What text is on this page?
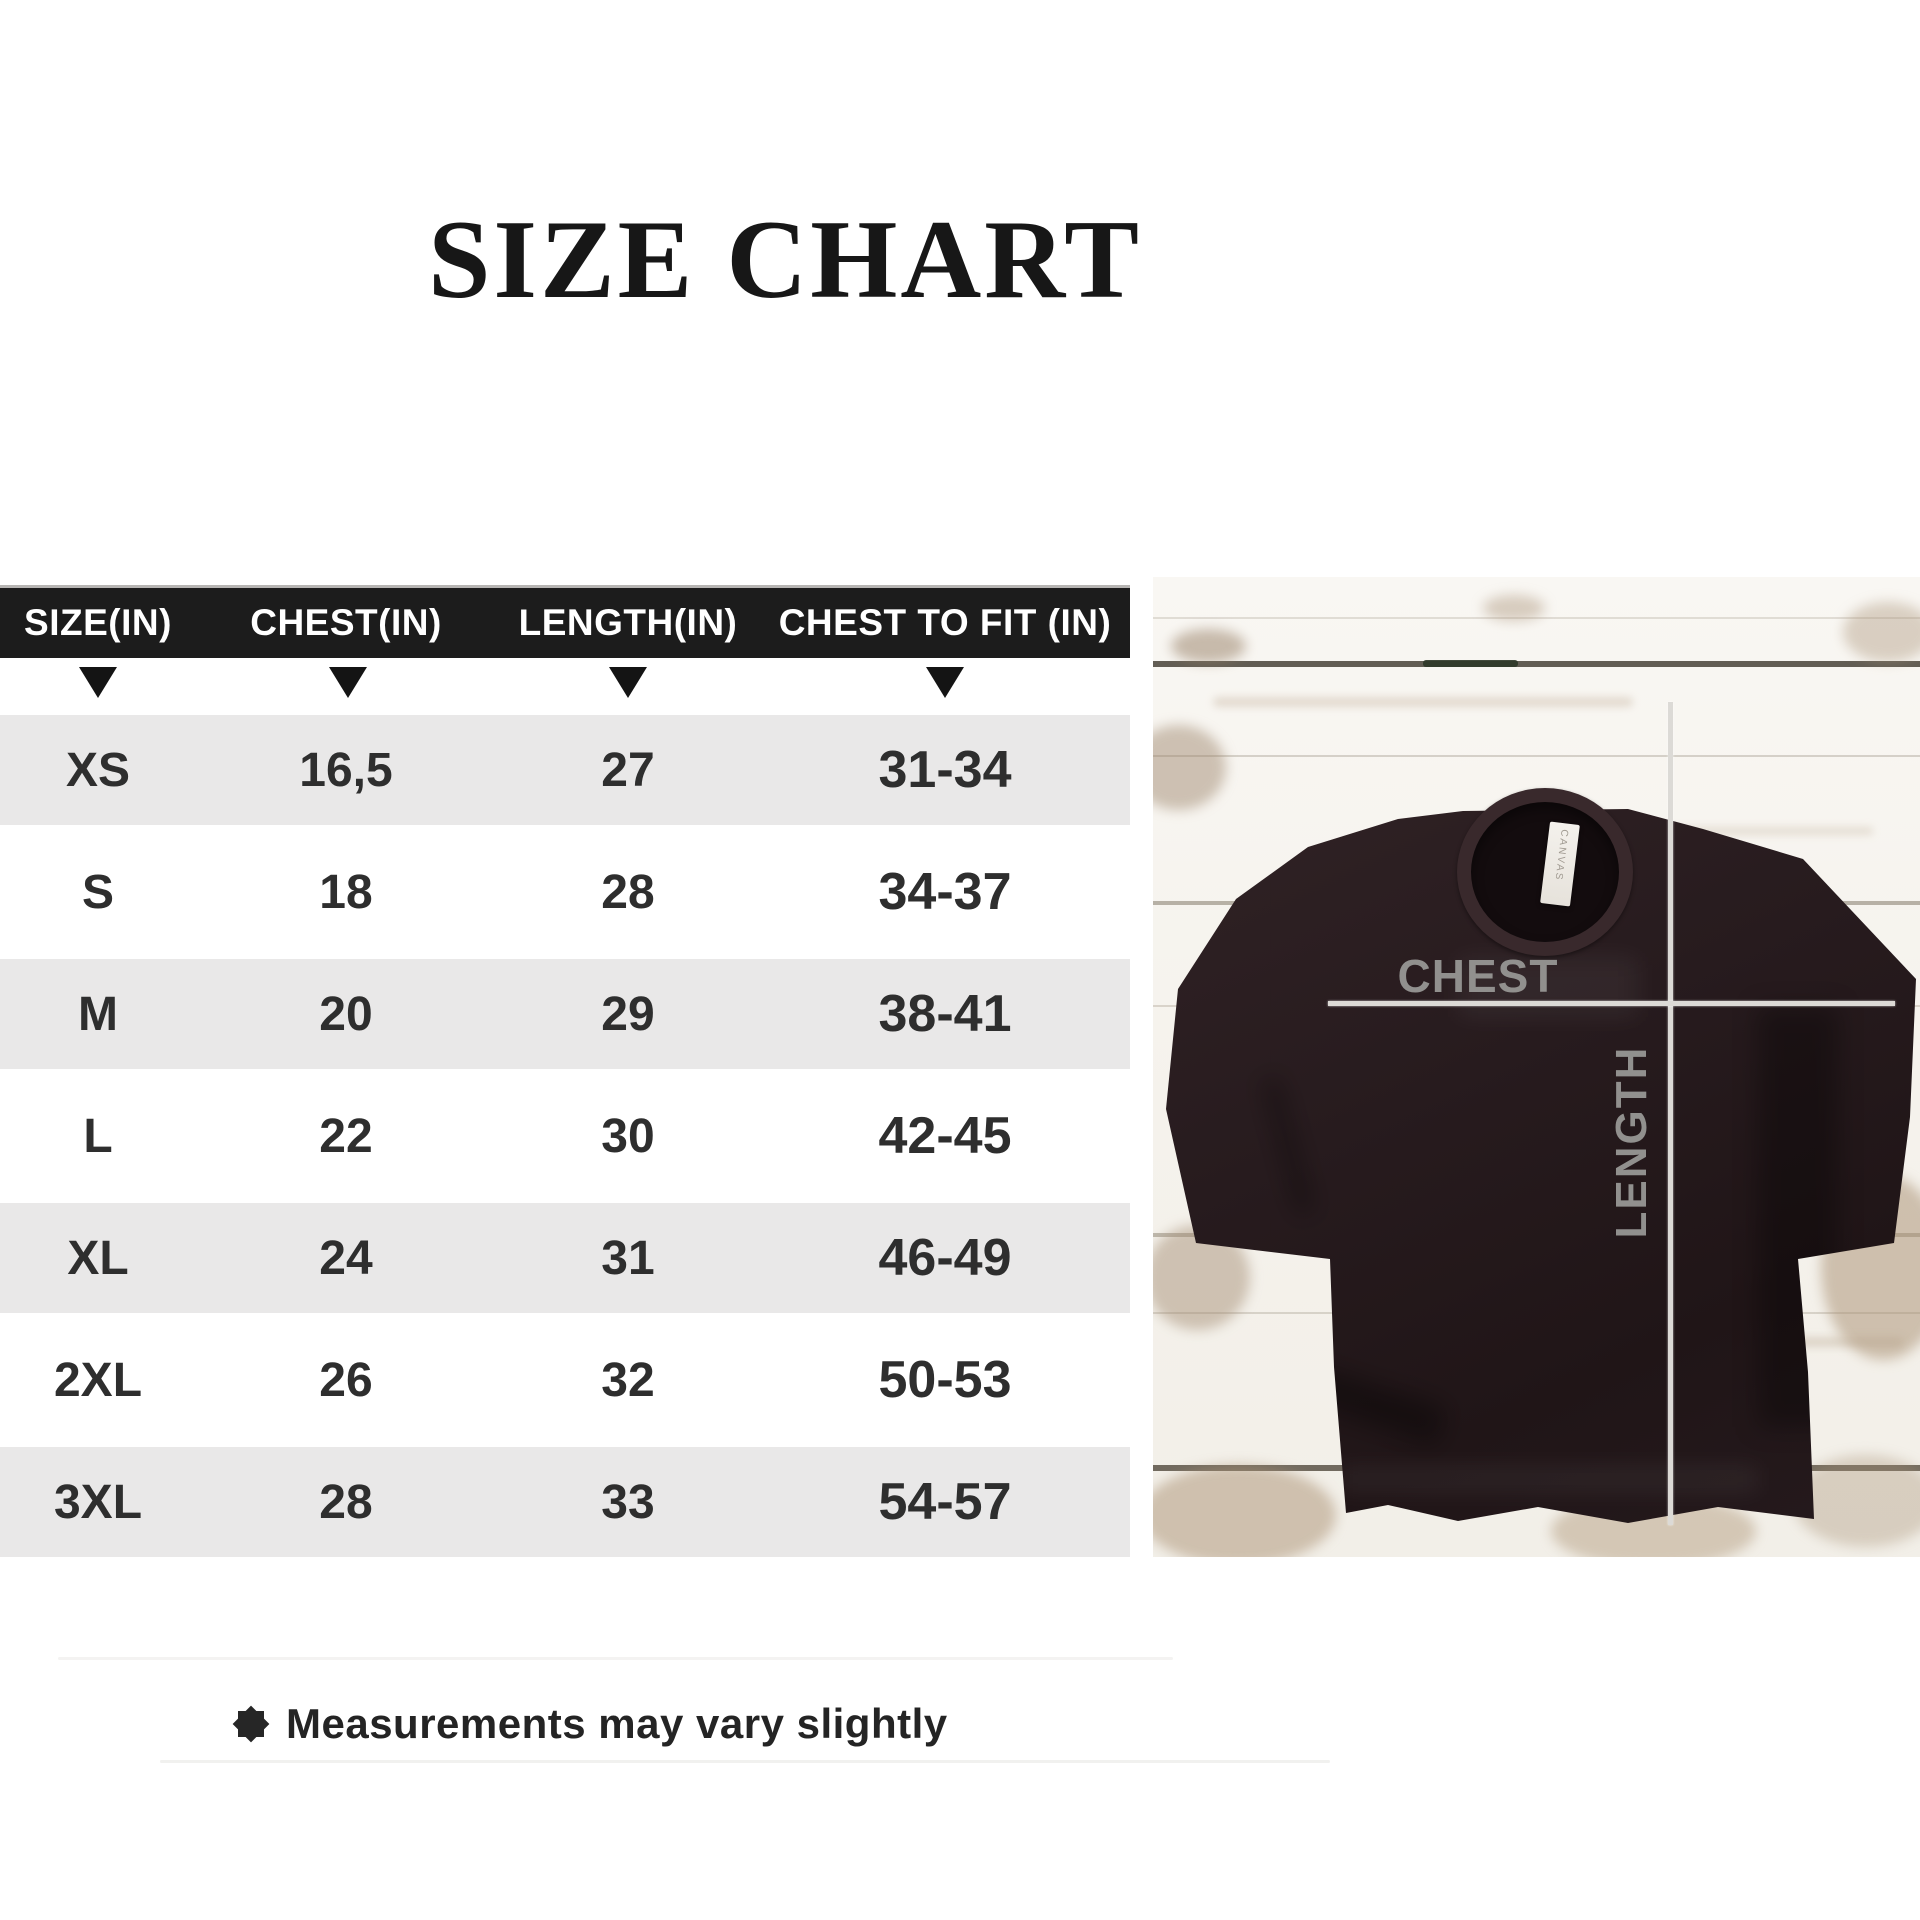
SIZE CHART
SIZE(IN)	CHEST(IN)	LENGTH(IN)	CHEST TO FIT (IN)
XS	16,5	27	31-34
S	18	28	34-37
M	20	29	38-41
L	22	30	42-45
XL	24	31	46-49
2XL	26	32	50-53
3XL	28	33	54-57
Measurements may vary slightly
CANVAS
CHEST
LENGTH
